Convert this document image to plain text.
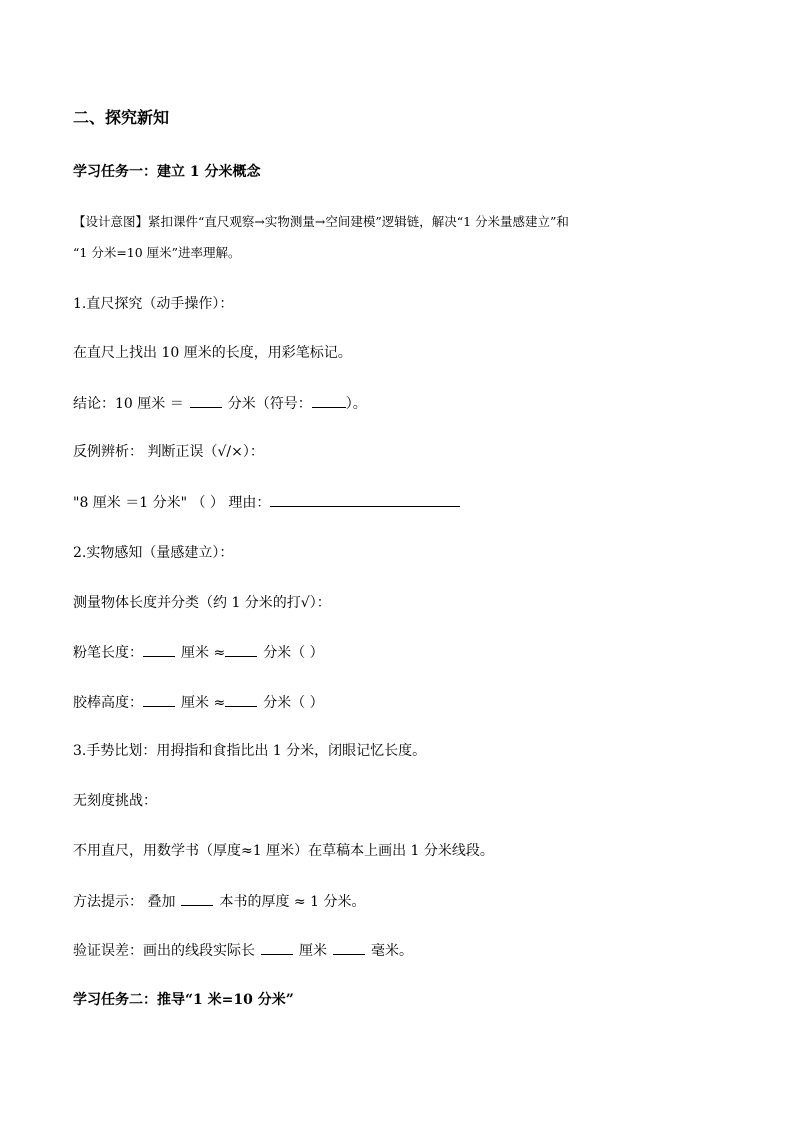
二、探究新知
学习任务一：建立 1 分米概念
【设计意图】紧扣课件“直尺观察→实物测量→空间建模”逻辑链，解决“1 分米量感建立”和
“1 分米=10 厘米”进率理解。
1.直尺探究（动手操作）：
在直尺上找出 10 厘米的长度，用彩笔标记。
结论：10 厘米 ＝	分米（符号： ）。
反例辨析： 判断正误（√/×）：
"8 厘米 ＝1 分米" （ ） 理由：
2.实物感知（量感建立）：
测量物体长度并分类（约 1 分米的打√）：
粉笔长度：	厘米 ≈	分米（ ）
胶棒高度：	厘米 ≈	分米（ ）
3.手势比划：用拇指和食指比出 1 分米，闭眼记忆长度。
无刻度挑战：
不用直尺，用数学书（厚度≈1 厘米）在草稿本上画出 1 分米线段。
方法提示： 叠加	本书的厚度 ≈ 1 分米。
验证误差：画出的线段实际长	厘米	毫米。
学习任务二：推导“1 米=10 分米”
